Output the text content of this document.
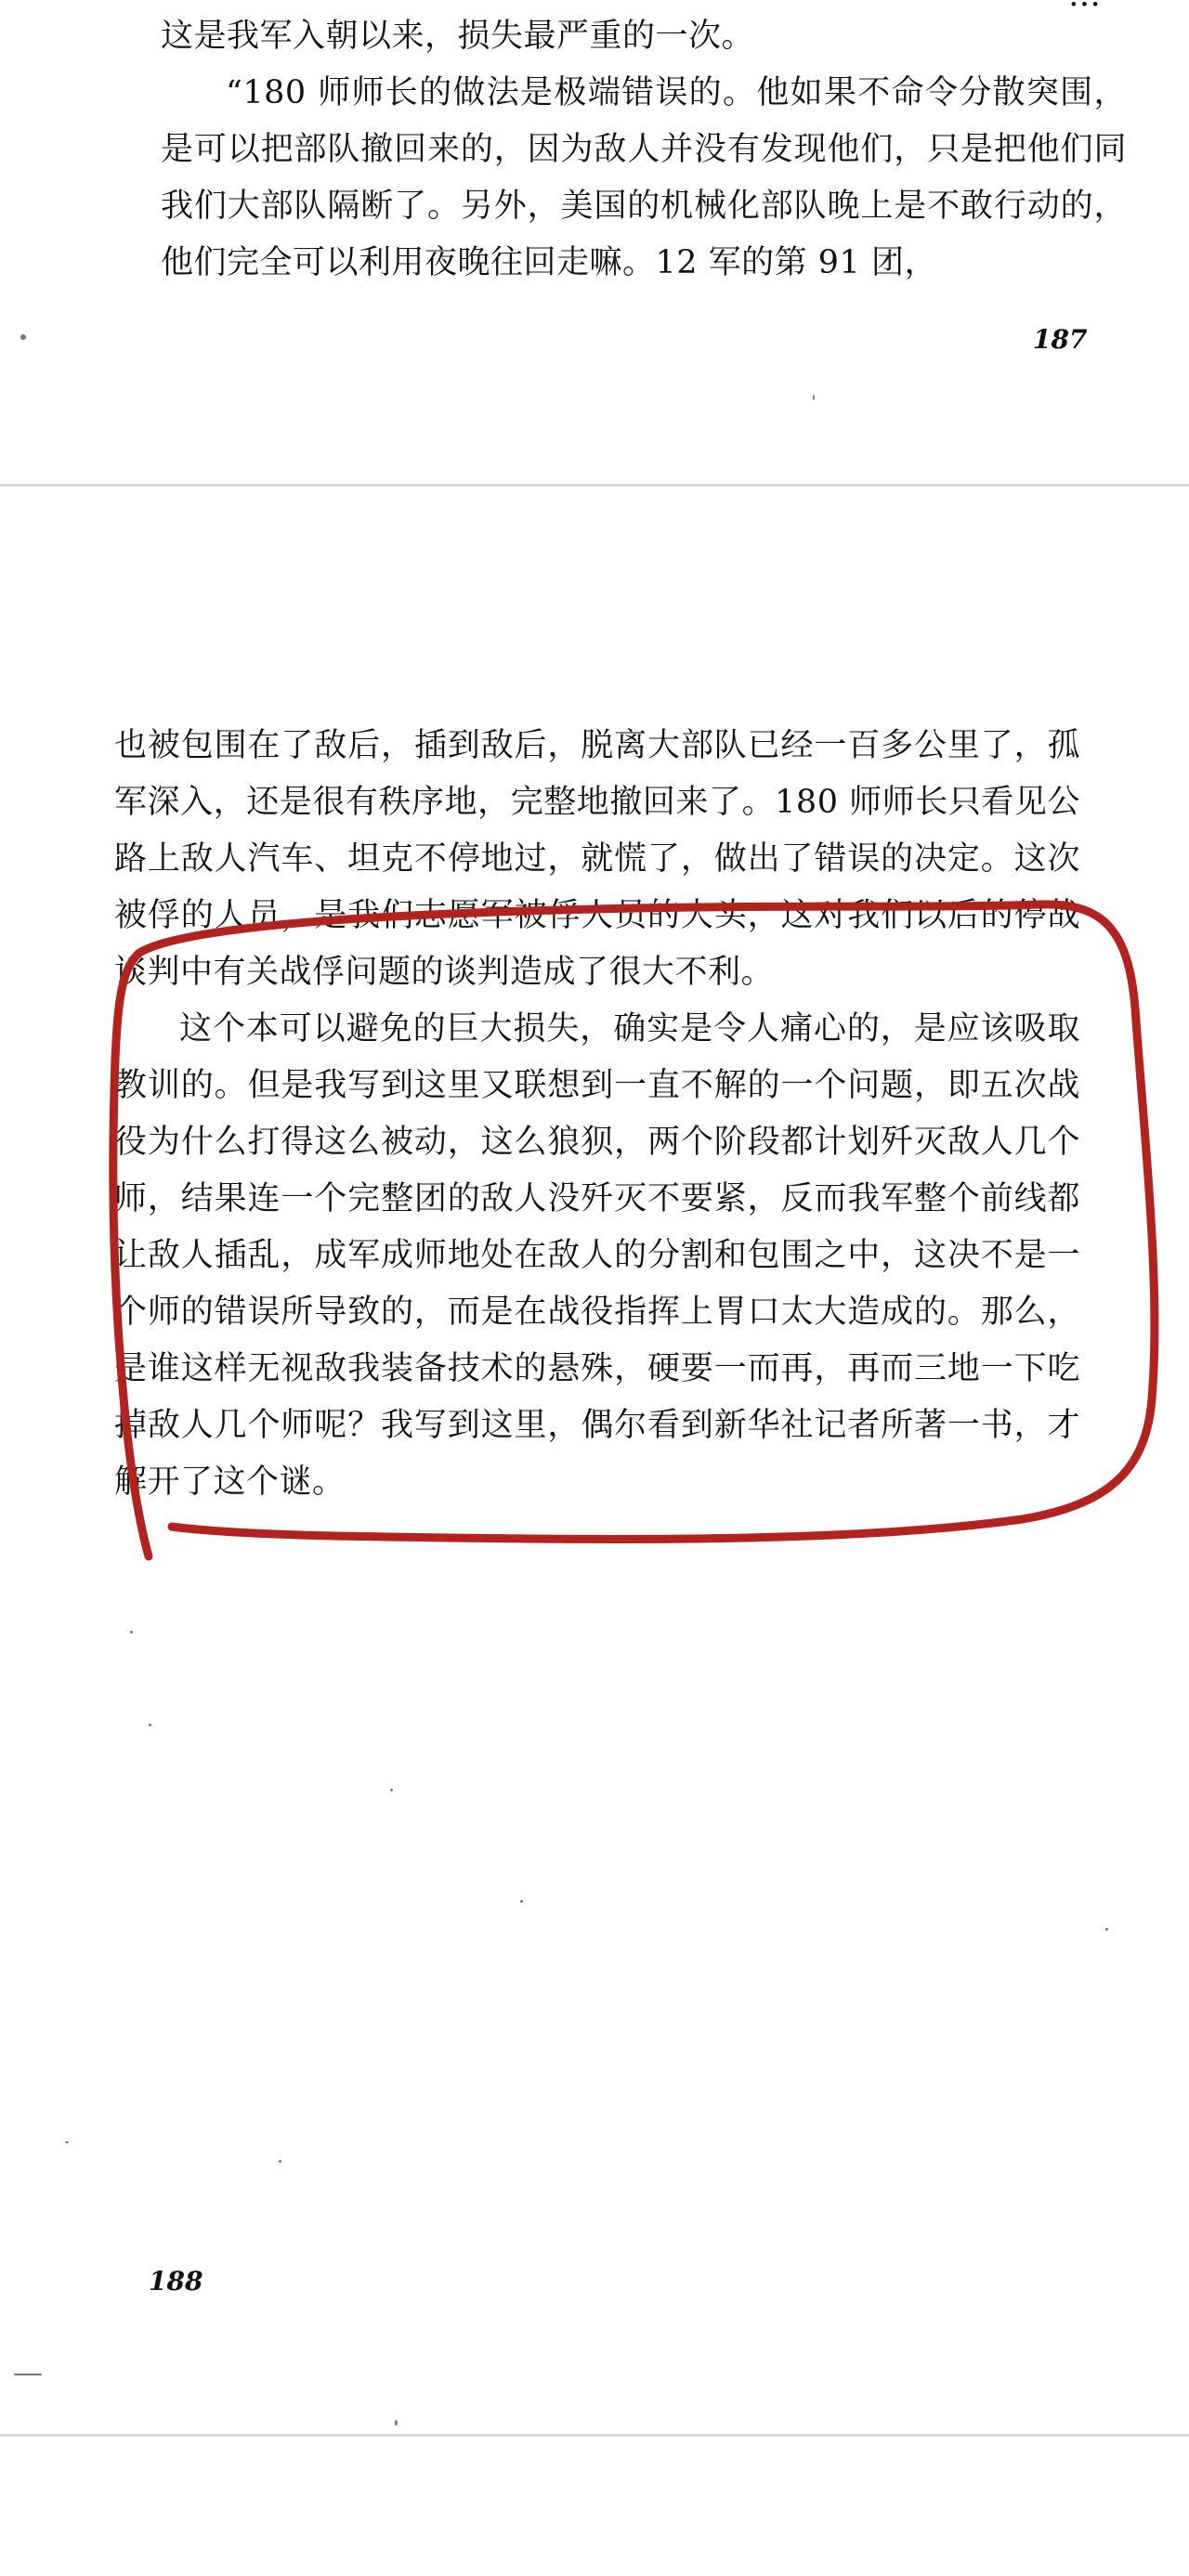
这是我军入朝以来，损失最严重的一次。

“180 师师长的做法是极端错误的。他如果不命令分散突围，是可以把部队撤回来的，因为敌人并没有发现他们，只是把他们同我们大部队隔断了。另外，美国的机械化部队晚上是不敢行动的，他们完全可以利用夜晚往回走嘛。12 军的第 91 团，

187

也被包围在了敌后，插到敌后，脱离大部队已经一百多公里了，孤军深入，还是很有秩序地，完整地撤回来了。180 师师长只看见公路上敌人汽车、坦克不停地过，就慌了，做出了错误的决定。这次被俘的人员，是我们志愿军被俘人员的大头，这对我们以后的停战谈判中有关战俘问题的谈判造成了很大不利。

这个本可以避免的巨大损失，确实是令人痛心的，是应该吸取教训的。但是我写到这里又联想到一直不解的一个问题，即五次战役为什么打得这么被动，这么狼狈，两个阶段都计划歼灭敌人几个师，结果连一个完整团的敌人没歼灭不要紧，反而我军整个前线都让敌人插乱，成军成师地处在敌人的分割和包围之中，这决不是一个师的错误所导致的，而是在战役指挥上胃口太大造成的。那么，是谁这样无视敌我装备技术的悬殊，硬要一而再，再而三地一下吃掉敌人几个师呢？我写到这里，偶尔看到新华社记者所著一书，才解开了这个谜。

188
